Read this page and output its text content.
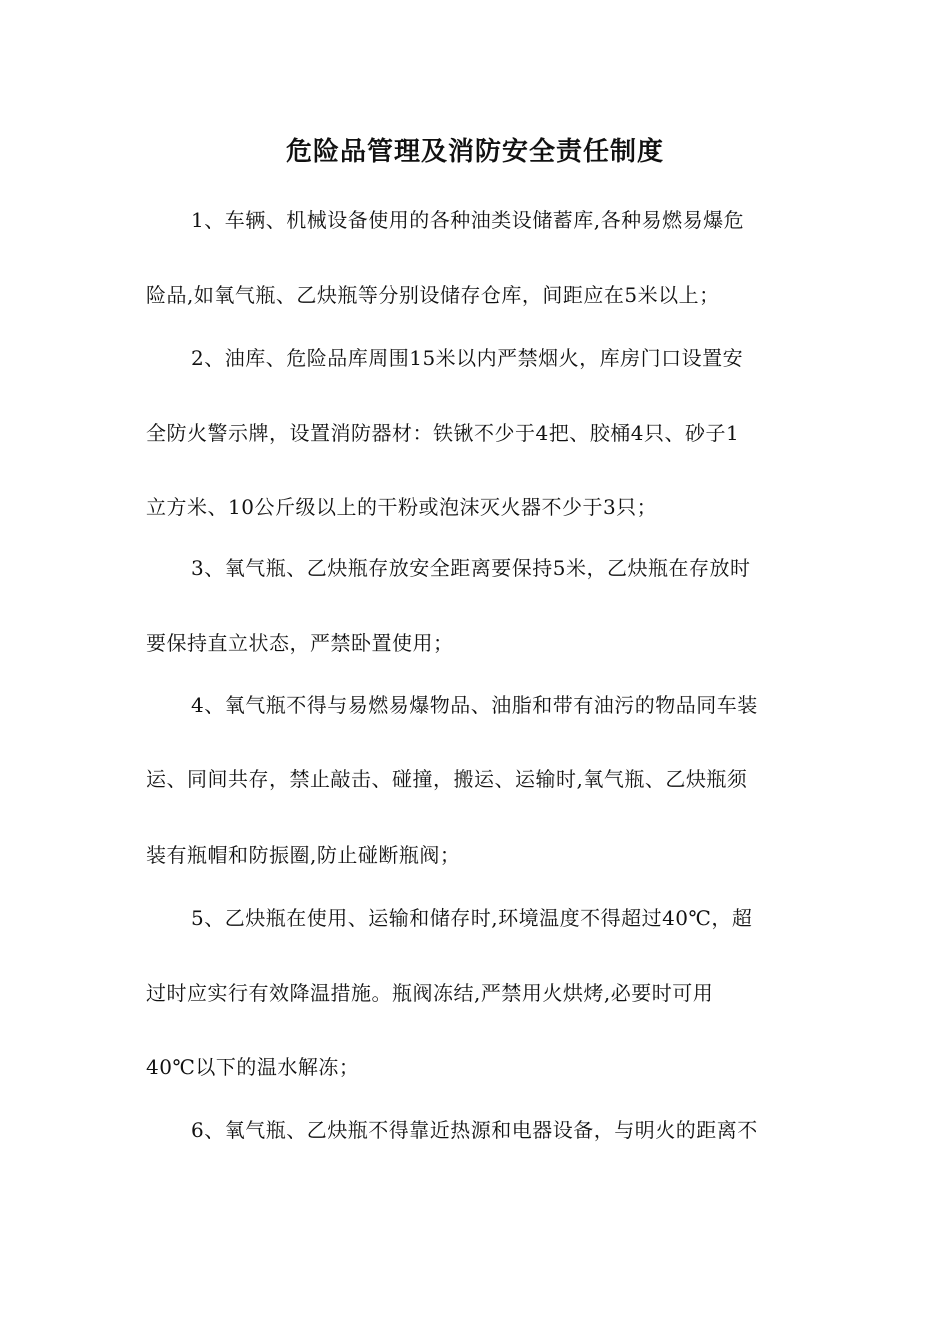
危险品管理及消防安全责任制度
1、车辆、机械设备使用的各种油类设储蓄库,各种易燃易爆危
险品,如氧气瓶、乙炔瓶等分别设储存仓库，间距应在5米以上；
2、油库、危险品库周围15米以内严禁烟火，库房门口设置安
全防火警示牌，设置消防器材：铁锹不少于4把、胶桶4只、砂子1
立方米、10公斤级以上的干粉或泡沫灭火器不少于3只；
3、氧气瓶、乙炔瓶存放安全距离要保持5米，乙炔瓶在存放时
要保持直立状态，严禁卧置使用；
4、氧气瓶不得与易燃易爆物品、油脂和带有油污的物品同车装
运、同间共存，禁止敲击、碰撞，搬运、运输时,氧气瓶、乙炔瓶须
装有瓶帽和防振圈,防止碰断瓶阀；
5、乙炔瓶在使用、运输和储存时,环境温度不得超过40℃，超
过时应实行有效降温措施。瓶阀冻结,严禁用火烘烤,必要时可用
40℃以下的温水解冻；
6、氧气瓶、乙炔瓶不得靠近热源和电器设备，与明火的距离不
